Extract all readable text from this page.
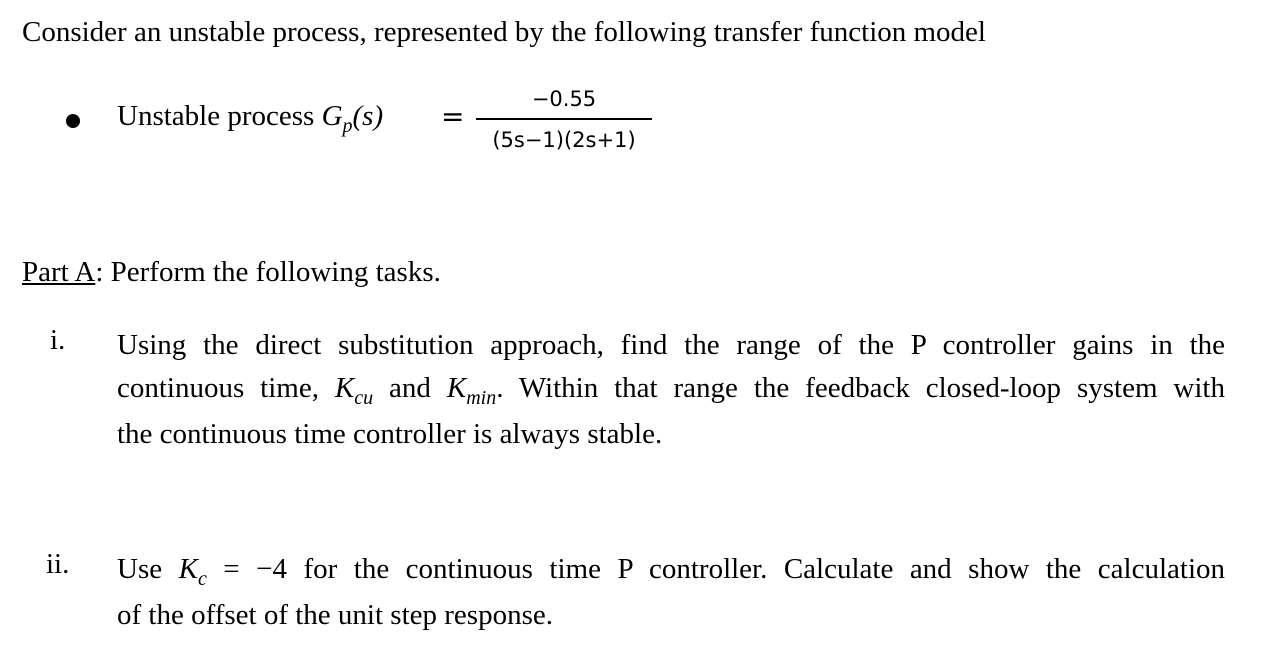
Consider an unstable process, represented by the following transfer function model
Unstable process $G_p(s)$ =
−0.55
(5s−1)(2s+1)
Part A: Perform the following tasks.
i. Using the direct substitution approach, find the range of the P controller gains in the
continuous time, $K_{cu}$ and $K_{min}$. Within that range the feedback closed-loop system with
the continuous time controller is always stable.
ii. Use $K_c = -4$ for the continuous time P controller. Calculate and show the calculation
of the offset of the unit step response.
